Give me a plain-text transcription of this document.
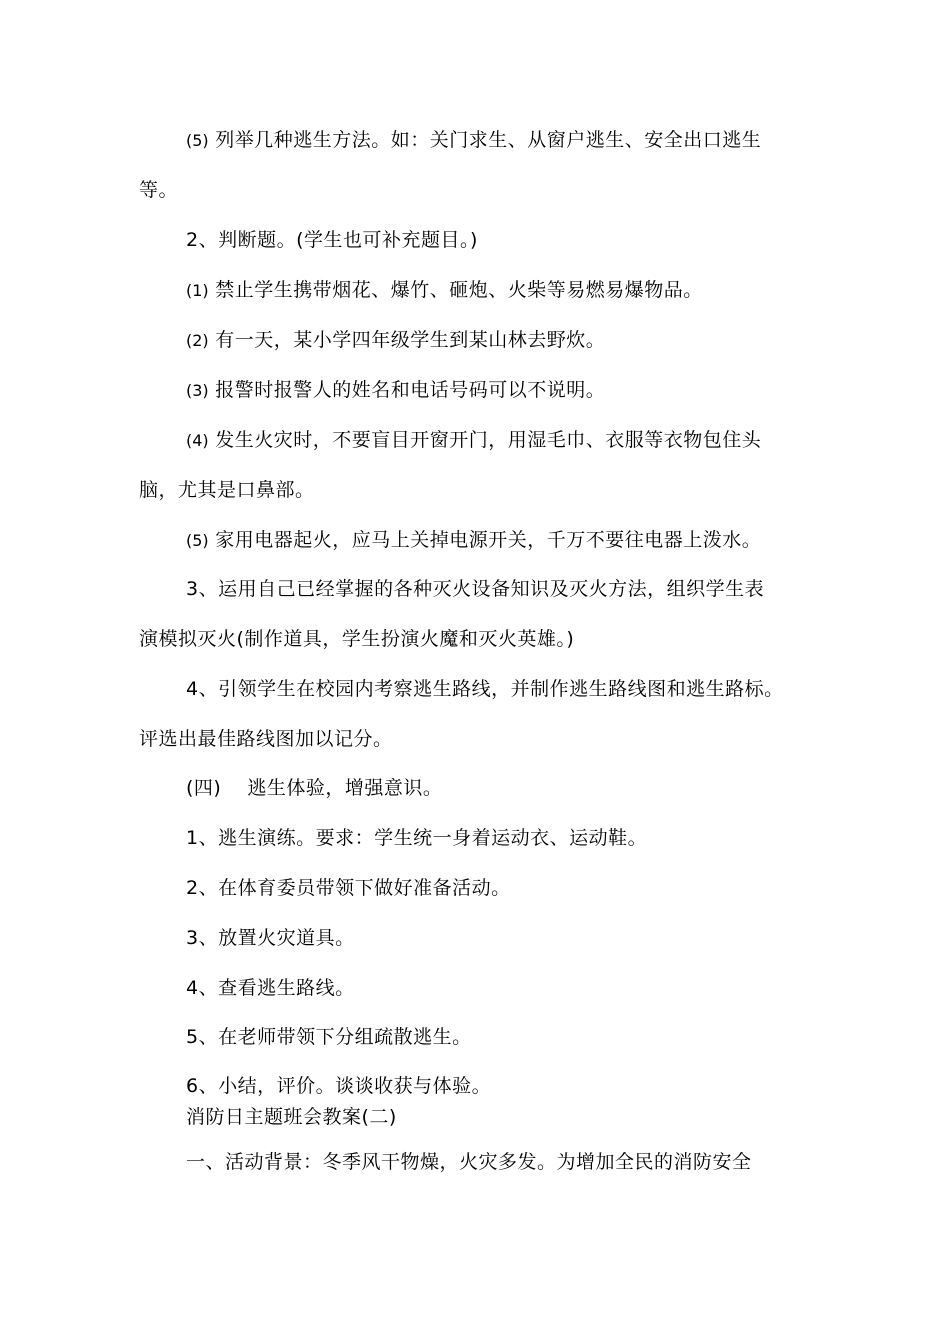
(5) 列举几种逃生方法。如：关门求生、从窗户逃生、安全出口逃生
等。
2、判断题。(学生也可补充题目。)
(1) 禁止学生携带烟花、爆竹、砸炮、火柴等易燃易爆物品。
(2) 有一天，某小学四年级学生到某山林去野炊。
(3) 报警时报警人的姓名和电话号码可以不说明。
(4) 发生火灾时，不要盲目开窗开门，用湿毛巾、衣服等衣物包住头
脑，尤其是口鼻部。
(5) 家用电器起火，应马上关掉电源开关，千万不要往电器上泼水。
3、运用自己已经掌握的各种灭火设备知识及灭火方法，组织学生表
演模拟灭火(制作道具，学生扮演火魔和灭火英雄。)
4、引领学生在校园内考察逃生路线，并制作逃生路线图和逃生路标。
评选出最佳路线图加以记分。
(四) 逃生体验，增强意识。
1、逃生演练。要求：学生统一身着运动衣、运动鞋。
2、在体育委员带领下做好准备活动。
3、放置火灾道具。
4、查看逃生路线。
5、在老师带领下分组疏散逃生。
6、小结，评价。谈谈收获与体验。
消防日主题班会教案(二)
一、活动背景：冬季风干物燥，火灾多发。为增加全民的消防安全
